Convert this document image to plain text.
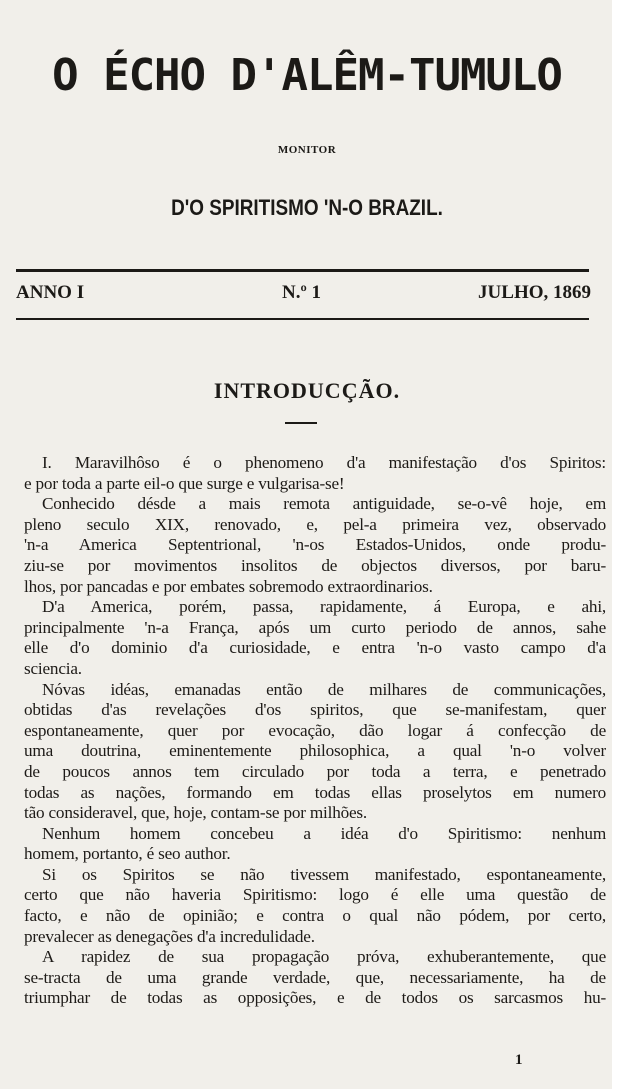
O ÉCHO D'ALÊM-TUMULO
MONITOR
D'O SPIRITISMO 'N-O BRAZIL.
ANNO I	N.º 1	JULHO, 1869
INTRODUCÇÃO.
I. Maravilhôso é o phenomeno d'a manifestação d'os Spiritos:
e por toda a parte eil-o que surge e vulgarisa-se!
Conhecido désde a mais remota antiguidade, se-o-vê hoje, em
pleno seculo XIX, renovado, e, pel-a primeira vez, observado
'n-a America Septentrional, 'n-os Estados-Unidos, onde produ-
ziu-se por movimentos insolitos de objectos diversos, por baru-
lhos, por pancadas e por embates sobremodo extraordinarios.
D'a America, porém, passa, rapidamente, á Europa, e ahi,
principalmente 'n-a França, após um curto periodo de annos, sahe
elle d'o dominio d'a curiosidade, e entra 'n-o vasto campo d'a
sciencia.
Nóvas idéas, emanadas então de milhares de communicações,
obtidas d'as revelações d'os spiritos, que se-manifestam, quer
espontaneamente, quer por evocação, dão logar á confecção de
uma doutrina, eminentemente philosophica, a qual 'n-o volver
de poucos annos tem circulado por toda a terra, e penetrado
todas as nações, formando em todas ellas proselytos em numero
tão consideravel, que, hoje, contam-se por milhões.
Nenhum homem concebeu a idéa d'o Spiritismo: nenhum
homem, portanto, é seo author.
Si os Spiritos se não tivessem manifestado, espontaneamente,
certo que não haveria Spiritismo: logo é elle uma questão de
facto, e não de opinião; e contra o qual não pódem, por certo,
prevalecer as denegações d'a incredulidade.
A rapidez de sua propagação próva, exhuberantemente, que
se-tracta de uma grande verdade, que, necessariamente, ha de
triumphar de todas as opposições, e de todos os sarcasmos hu-
1
